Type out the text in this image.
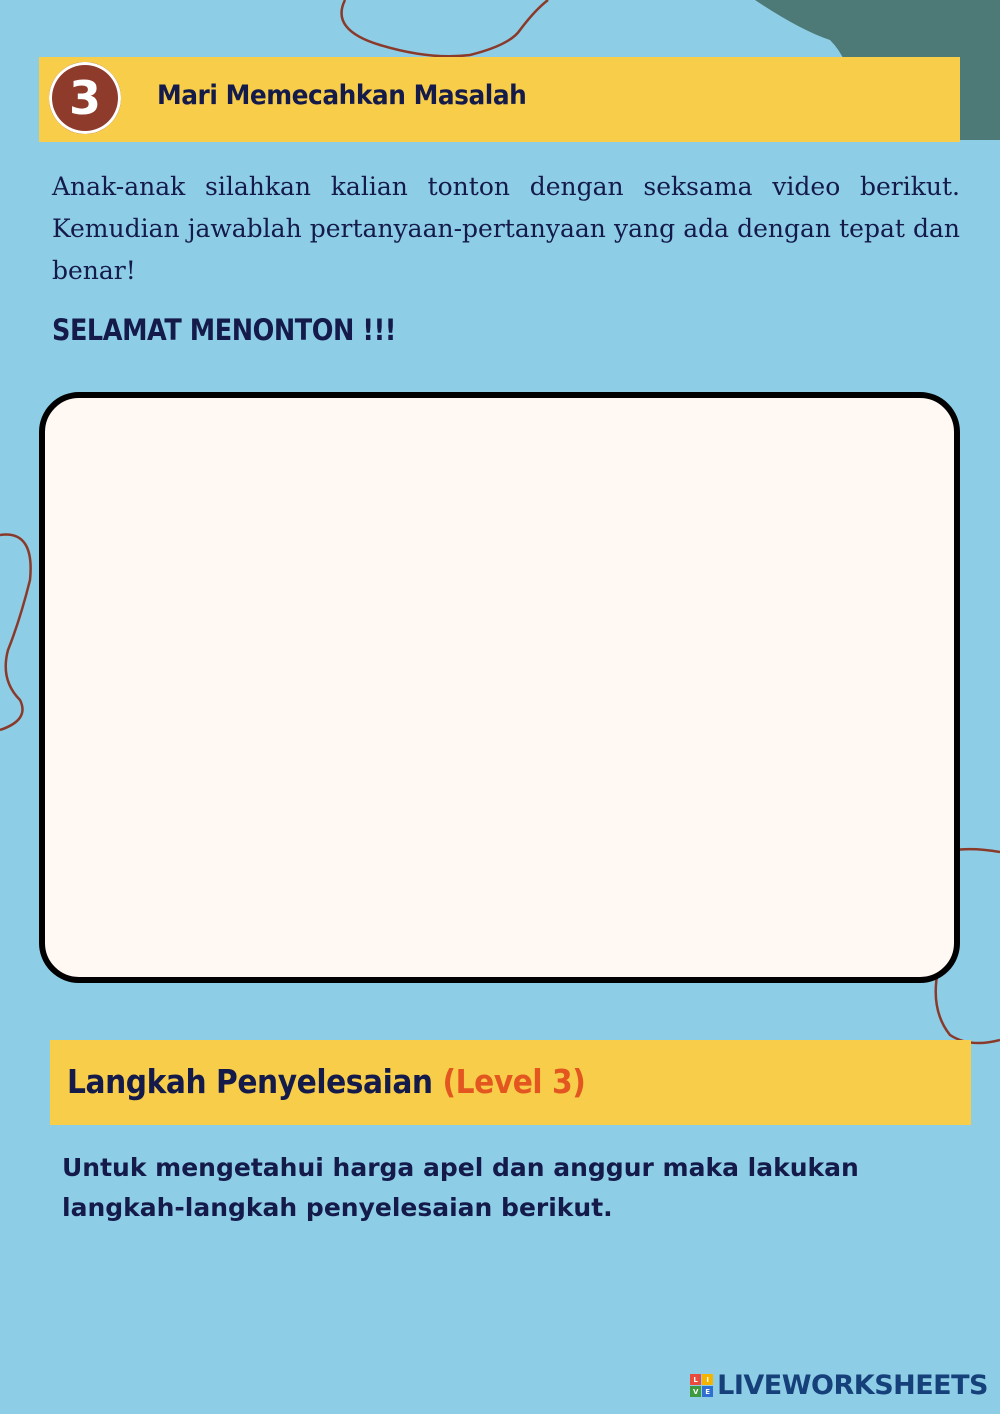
3	Mari Memecahkan Masalah

Anak-anak silahkan kalian tonton dengan seksama video berikut. Kemudian jawablah pertanyaan-pertanyaan yang ada dengan tepat dan benar!

SELAMAT MENONTON !!!
Langkah Penyelesaian (Level 3)

Untuk mengetahui harga apel dan anggur maka lakukan langkah-langkah penyelesaian berikut.

L	I
V E LIVEWORKSHEETS
